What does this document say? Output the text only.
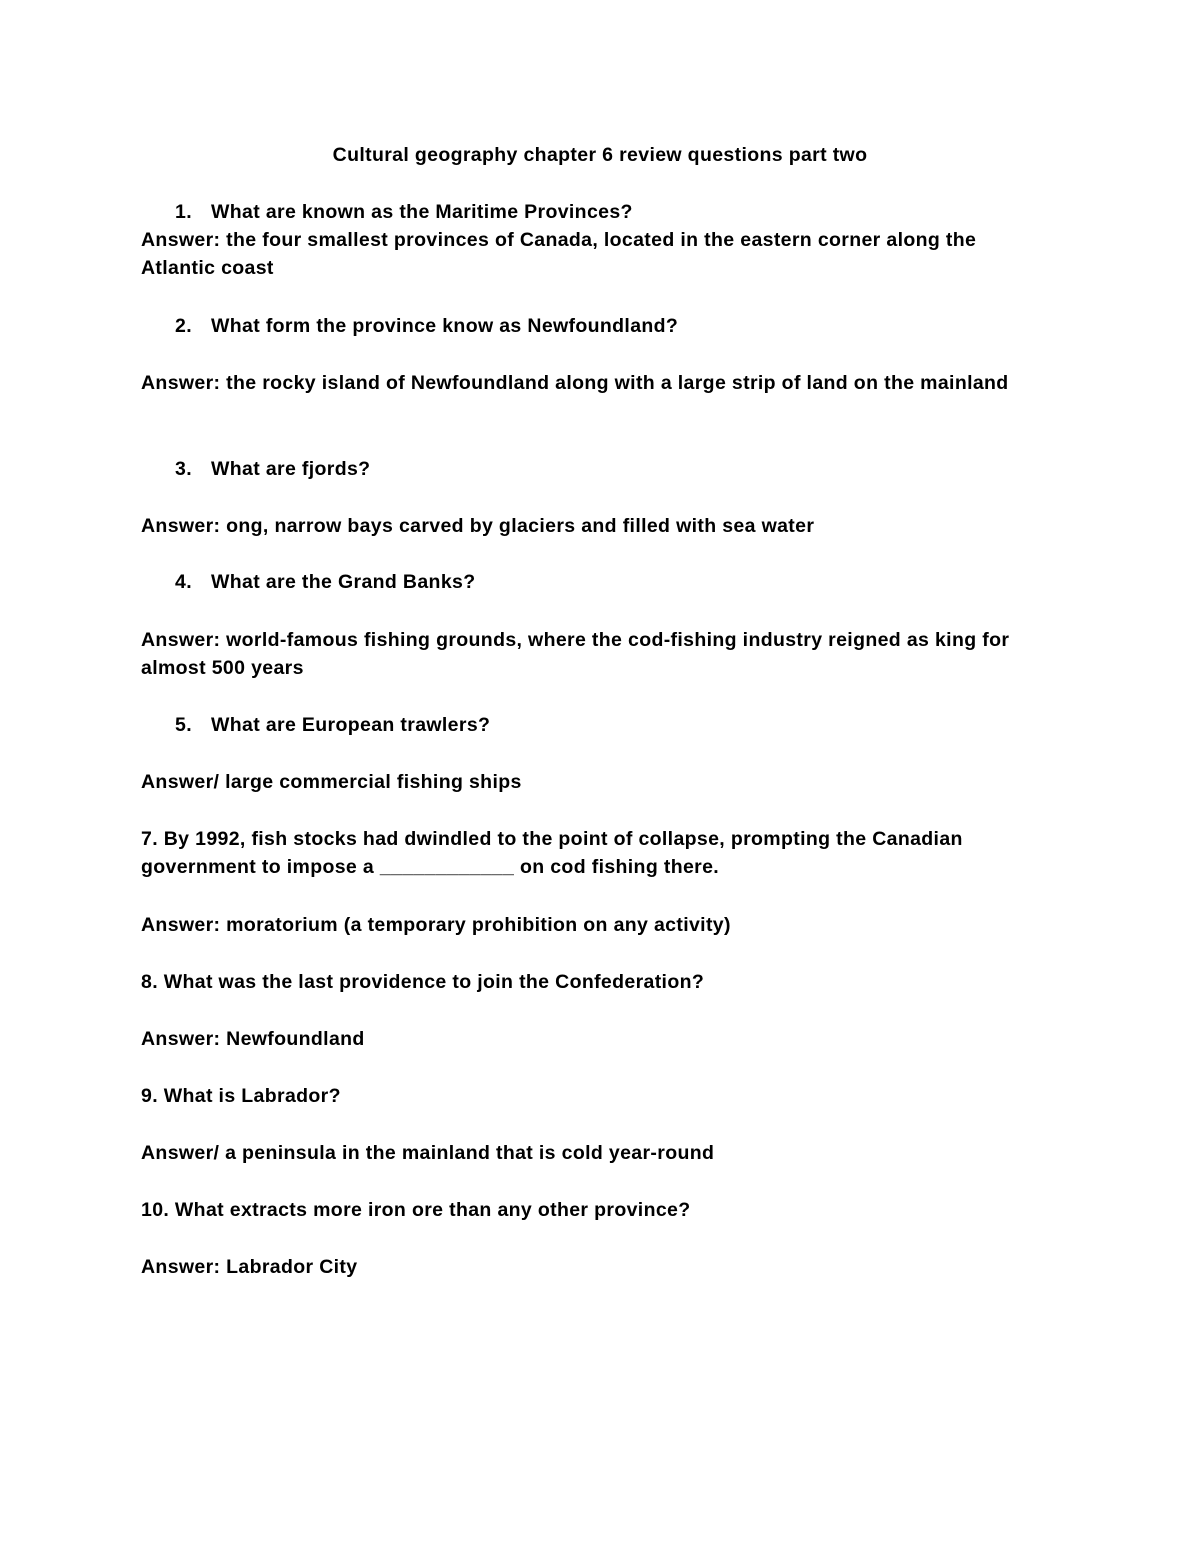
Cultural geography chapter 6 review questions part two
1. What are known as the Maritime Provinces?
Answer: the four smallest provinces of Canada, located in the eastern corner along the Atlantic coast
2. What form the province know as Newfoundland?
Answer: the rocky island of Newfoundland along with a large strip of land on the mainland
3. What are fjords?
Answer: ong, narrow bays carved by glaciers and filled with sea water
4. What are the Grand Banks?
Answer: world-famous fishing grounds, where the cod-fishing industry reigned as king for almost 500 years
5. What are European trawlers?
Answer/ large commercial fishing ships
7. By 1992, fish stocks had dwindled to the point of collapse, prompting the Canadian government to impose a ____________ on cod fishing there.
Answer: moratorium (a temporary prohibition on any activity)
8. What was the last providence to join the Confederation?
Answer: Newfoundland
9. What is Labrador?
Answer/ a peninsula in the mainland that is cold year-round
10. What extracts more iron ore than any other province?
Answer: Labrador City
